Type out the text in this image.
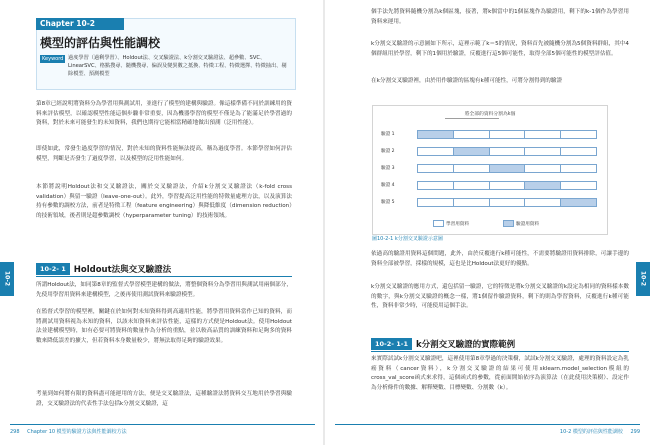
10-2
Chapter 10-2
模型的評估與性能調校
Keyword 過度學習（過剩學習）、Holdout法、交叉驗證法、k分割交叉驗證法、超參數、SVC、LinearSVC、格點搜尋、隨機搜尋、偏誤及變異數之抵換、特徵工程、特徵選擇、特徵抽出、剔除模型、預測模型
第8章已經說明將資料分為學習用與測試用，並進行了模型的建構與驗證。像這樣準備不同於訓練用的資料來評估模型，以確認模型性能這個步驟非常重要，因為機器學習的模型不僅是為了能滿足於學習過的資料，對於未來可能發生的未知資料，我們也期待它能相當精確地做出預測（泛用性能）。
即使如此，常發生過度學習的情況，對於未知的資料性能無法提高，稱為過度學習。本節學習如何評估模型，判斷是否發生了過度學習，以及模型的泛用性能如何。
本節將說明Holdout法和交叉驗證法，關於交叉驗證法，介紹k分割交叉驗證法（k-fold cross validation）與留一驗證（leave-one-out）。此外，學習提高泛用性能的特徵量處理方法，以及演算法持有參數的調校方法，前者是特徵工程（feature engineering）與降低維度（dimension reduction）的技術領域，後者則是超參數調校（hyperparameter tuning）的技術領域。
10-2- 1 Holdout法與交叉驗證法
所謂Holdout法，如同第8章的監督式學習模型建構的做法，將整個資料分為學習用與測試用兩個部分，先使用學習用資料來建構模型，之後再使用測試資料來驗證模型。
在監督式學習的模型裡，關鍵在於如何對未知資料得到高適用性能，將學習用資料當作已知的資料，而將測試用資料視為未知的資料，以該未知資料來評估性能，這樣的方式便是Holdout法。使用Holdout法並建構模型時，如有必要可將資料的數量作為分析的重點，並以較高品質的訓練資料和足夠多的資料數來降低誤差的擴大，但若資料本身數量較少，將無法取得足夠的驗證效果。
考量到如何將有限的資料盡可能運用的方法，便是交叉驗證法，這種驗證法將資料交互地用於學習與驗證，交叉驗證法的代表性手法包括k分割交叉驗證，這
298 Chapter 10 模型的驗證方法與性能調校方法
10-2
個手法先將資料隨機分割為k個區塊，接著，將k個當中的1個區塊作為驗證用，剩下的k-1個作為學習用資料來運用。
k分割交叉驗證的示意圖如下所示，這裡示範了k＝5的情況，資料首先被隨機分割為5個資料群組，其中4個群組用於學習，剩下的1個用於驗證，反覆進行這5個可能性，取得全部5個可能性的模型評估值。
在k分割交叉驗證裡，由於用作驗證的區塊有k種可能性，可將分割得到的驗證
依過高的驗證用資料這個問題，此外，由於反覆進行k種可能性，不需要將驗證用資料排除，可讓手邊的資料全部被學習，採樣的規模，這也是比Holdout法更好的優點。
k分割交叉驗證的應用方式，還包括留一驗證，它的特徵是將k分割交叉驗證的k設定為相同的資料樣本數的數字，與k分割交叉驗證的概念一樣，將1個留作驗證資料，剩下的則為學習資料，反覆進行k種可能性，資料非常少時，可能使用這個手法。
10-2- 1-1 k分割交叉驗證的實際範例
來實際試試k分割交叉驗證吧，這裡使用第8章學過的決策樹，試試k分割交叉驗證，處理的資料設定為乳癌資料（cancer資料），k分割交叉驗證的結果可使用sklearn.model_selection模組的cross_val_score函式來求得，這個函式的參數，從前面開始依序為演算法（在此使用決策樹）、設定作為分析條件的數據、解釋變數、目標變數、分割數（k）。
10-2 模型的評估與性能調校 299
將全部的資料分割為k個
⎴⎴⎴⎴⎴⎴⎴⎴⎴⎴⎴⎴⎴⎴⎴⎴⎴⎴⎴⎴⎴⎴⎴⎴⎴⎴⎴
驗證 1
驗證 2
驗證 3
驗證 4
驗證 5
學習用資料	驗證用資料
圖10-2-1 k分割交叉驗證示意圖
